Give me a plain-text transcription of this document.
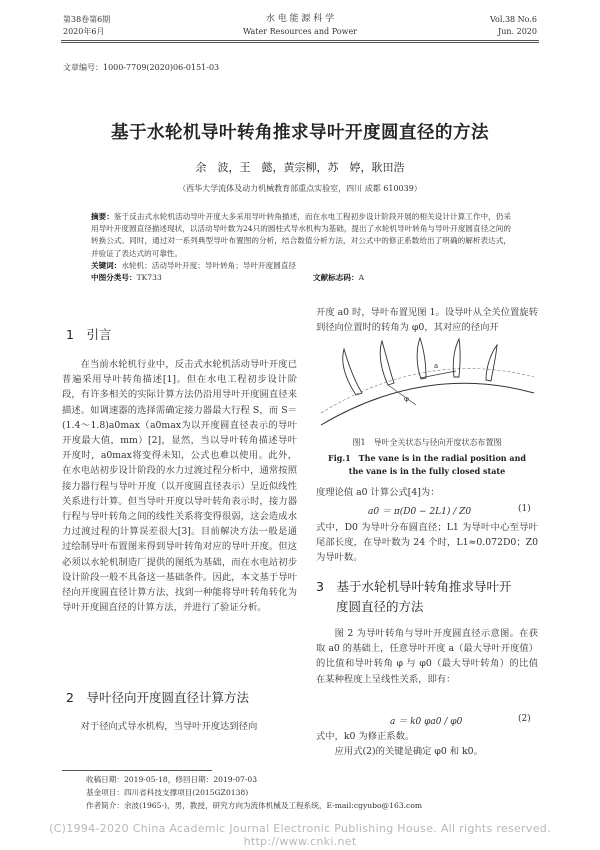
第38卷第6期
2020年6月
水 电 能 源 科 学
Water Resources and Power
Vol.38 No.6
Jun. 2020
文章编号：1000-7709(2020)06-0151-03
基于水轮机导叶转角推求导叶开度圆直径的方法
余　波，王　懿，黄宗柳，苏　婷，耿田浩
（西华大学流体及动力机械教育部重点实验室，四川 成都 610039）
摘要：鉴于反击式水轮机活动导叶开度大多采用导叶转角描述，而在水电工程初步设计阶段开展的相关设计计算工作中，仍采用导叶开度圆直径描述现状，以活动导叶数为24只的圆柱式导水机构为基础，提出了水轮机导叶转角与导叶开度圆直径之间的转换公式。同时，通过对一系列典型导叶布置图的分析，结合数值分析方法，对公式中的修正系数给出了明确的解析表达式，并验证了表达式的可靠性。
关键词：水轮机；活动导叶开度；导叶转角；导叶开度圆直径
中图分类号：TK733	文献标志码：A
1　引言

在当前水轮机行业中，反击式水轮机活动导叶开度已普遍采用导叶转角描述[1]。但在水电工程初步设计阶段，有许多相关的实际计算方法仍沿用导叶开度圆直径来描述。如调速器的选择需确定接力器最大行程 S，而 S＝(1.4～1.8)a0max（a0max为以开度圆直径表示的导叶开度最大值，mm）[2]，显然，当以导叶转角描述导叶开度时，a0max将变得未知，公式也难以使用。此外，在水电站初步设计阶段的水力过渡过程分析中，通常按照接力器行程与导叶开度（以开度圆直径表示）呈近似线性关系进行计算。但当导叶开度以导叶转角表示时，接力器行程与导叶转角之间的线性关系将变得很弱，这会造成水力过渡过程的计算误差很大[3]。目前解决方法一般是通过绘制导叶布置图来得到导叶转角对应的导叶开度。但这必须以水轮机制造厂提供的图纸为基础，而在水电站初步设计阶段一般不具备这一基础条件。因此，本文基于导叶径向开度圆直径计算方法，找到一种能将导叶转角转化为导叶开度圆直径的计算方法，并进行了验证分析。

2　导叶径向开度圆直径计算方法

对于径向式导水机构，当导叶开度达到径向

开度 a0 时，导叶布置见图 1。设导叶从全关位置旋转到径向位置时的转角为 φ0，其对应的径向开

a
φ
图1　导叶全关状态与径向开度状态布置图
Fig.1　The vane is in the radial position and
the vane is in the fully closed state

度理论值 a0 计算公式[4]为：

a0 ＝ π(D0 − 2L1) / Z0	(1)

式中，D0 为导叶分布圆直径；L1 为导叶中心至导叶尾部长度，在导叶数为 24 个时，L1≈0.072D0；Z0 为导叶数。

3　基于水轮机导叶转角推求导叶开
度圆直径的方法

图 2 为导叶转角与导叶开度圆直径示意图。在获取 a0 的基础上，任意导叶开度 a（最大导叶开度值）的比值和导叶转角 φ 与 φ0（最大导叶转角）的比值在某种程度上呈线性关系，即有：

a ＝ k0 φa0 / φ0	(2)

式中，k0 为修正系数。

应用式(2)的关键是确定 φ0 和 k0。

收稿日期：2019-05-18，修回日期：2019-07-03
基金项目：四川省科技支撑项目(2015GZ0138)
作者简介：余波(1965-)，男，教授，研究方向为流体机械及工程系统，E-mail:cgyubo@163.com
(C)1994-2020 China Academic Journal Electronic Publishing House. All rights reserved. http://www.cnki.net
